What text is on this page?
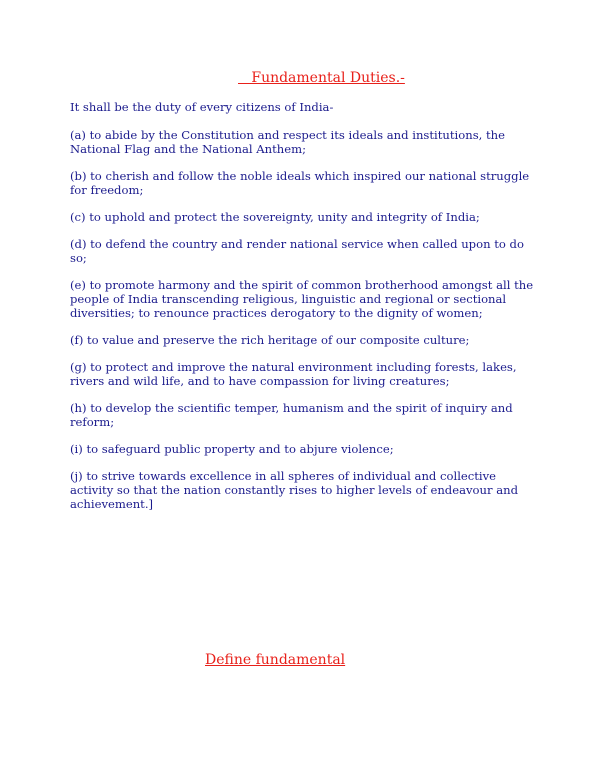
Fundamental Duties.-

It shall be the duty of every citizens of India-

(a) to abide by the Constitution and respect its ideals and institutions, the National Flag and the National Anthem;
(b) to cherish and follow the noble ideals which inspired our national struggle for freedom;
(c) to uphold and protect the sovereignty, unity and integrity of India;
(d) to defend the country and render national service when called upon to do so;
(e) to promote harmony and the spirit of common brotherhood amongst all the people of India transcending religious, linguistic and regional or sectional diversities; to renounce practices derogatory to the dignity of women;
(f) to value and preserve the rich heritage of our composite culture;
(g) to protect and improve the natural environment including forests, lakes, rivers and wild life, and to have compassion for living creatures;
(h) to develop the scientific temper, humanism and the spirit of inquiry and reform;
(i) to safeguard public property and to abjure violence;
(j) to strive towards excellence in all spheres of individual and collective activity so that the nation constantly rises to higher levels of endeavour and achievement.]
Define fundamental
